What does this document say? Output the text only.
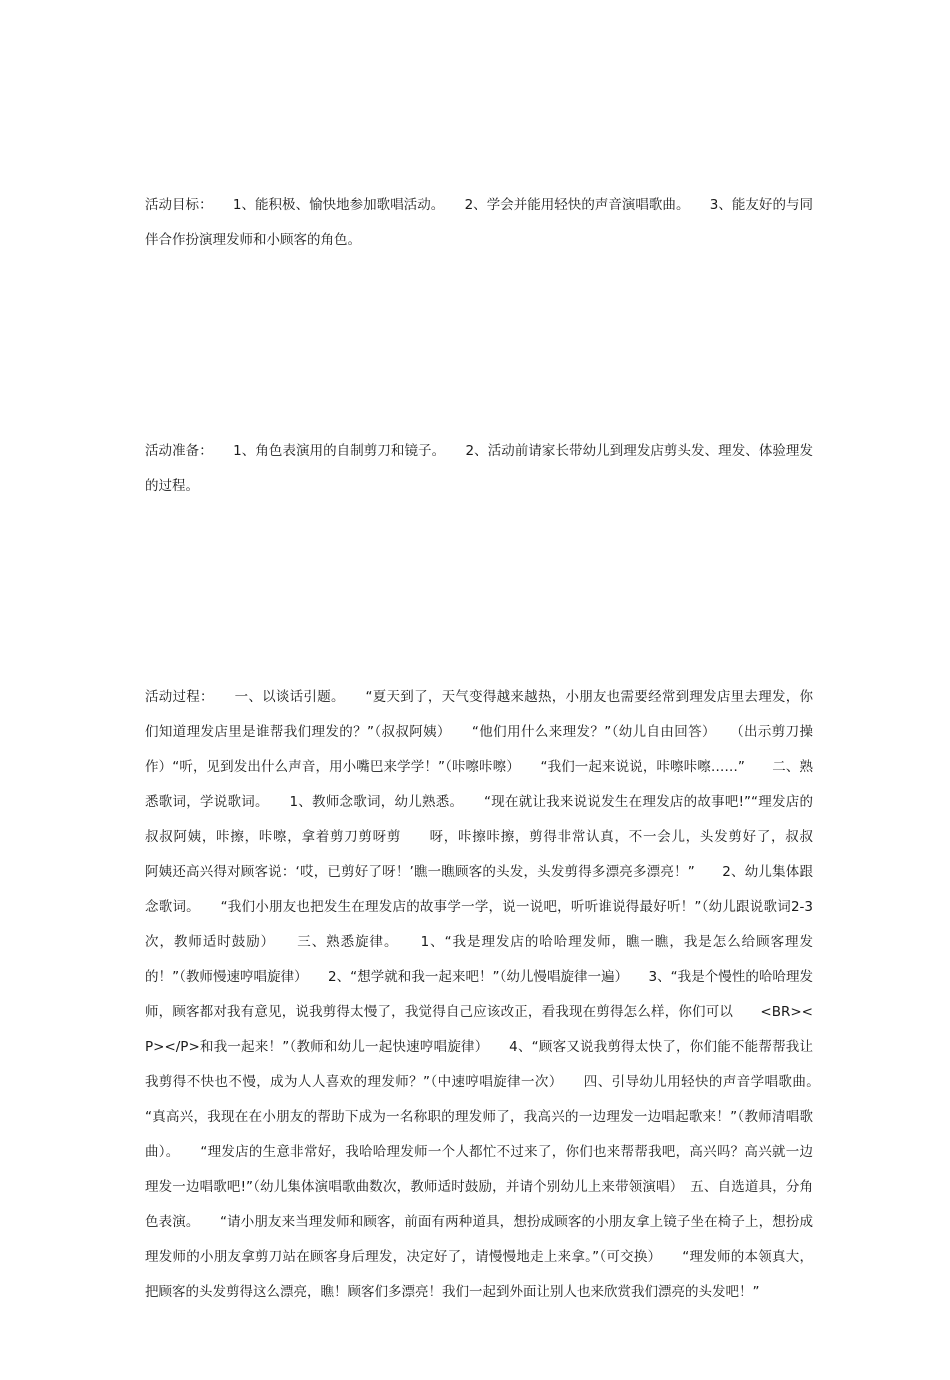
活动目标：　　1、能积极、愉快地参加歌唱活动。　　2、学会并能用轻快的声音演唱歌曲。　　3、能友好的与同伴合作扮演理发师和小顾客的角色。

活动准备：　　1、角色表演用的自制剪刀和镜子。　　2、活动前请家长带幼儿到理发店剪头发、理发、体验理发的过程。

活动过程：　　一、以谈话引题。　　“夏天到了，天气变得越来越热，小朋友也需要经常到理发店里去理发，你们知道理发店里是谁帮我们理发的？”（叔叔阿姨）　　“他们用什么来理发？”（幼儿自由回答）　　（出示剪刀操作）“听，见到发出什么声音，用小嘴巴来学学！”（咔嚓咔嚓）　　“我们一起来说说，咔嚓咔嚓……”　　二、熟悉歌词，学说歌词。　　1、教师念歌词，幼儿熟悉。　　“现在就让我来说说发生在理发店的故事吧!”“理发店的叔叔阿姨，咔擦，咔嚓，拿着剪刀剪呀剪　　呀，咔擦咔擦，剪得非常认真，不一会儿，头发剪好了，叔叔　　阿姨还高兴得对顾客说：‘哎，已剪好了呀！’瞧一瞧顾客的头发，头发剪得多漂亮多漂亮！”　　2、幼儿集体跟念歌词。　　“我们小朋友也把发生在理发店的故事学一学，说一说吧，听听谁说得最好听！”（幼儿跟说歌词2-3次，教师适时鼓励）　　三、熟悉旋律。　　1、“我是理发店的哈哈理发师，瞧一瞧，我是怎么给顾客理发的！”（教师慢速哼唱旋律）　　2、“想学就和我一起来吧！”（幼儿慢唱旋律一遍）　　3、“我是个慢性的哈哈理发师，顾客都对我有意见，说我剪得太慢了，我觉得自己应该改正，看我现在剪得怎么样，你们可以　　<BR><P></P>和我一起来！”（教师和幼儿一起快速哼唱旋律）　　4、“顾客又说我剪得太快了，你们能不能帮帮我让我剪得不快也不慢，成为人人喜欢的理发师？”（中速哼唱旋律一次）　　四、引导幼儿用轻快的声音学唱歌曲。　　“真高兴，我现在在小朋友的帮助下成为一名称职的理发师了，我高兴的一边理发一边唱起歌来！”（教师清唱歌曲）。　　“理发店的生意非常好，我哈哈理发师一个人都忙不过来了，你们也来帮帮我吧，高兴吗？高兴就一边理发一边唱歌吧!”（幼儿集体演唱歌曲数次，教师适时鼓励，并请个别幼儿上来带领演唱）　五、自选道具，分角色表演。　　“请小朋友来当理发师和顾客，前面有两种道具，想扮成顾客的小朋友拿上镜子坐在椅子上，想扮成理发师的小朋友拿剪刀站在顾客身后理发，决定好了，请慢慢地走上来拿。”（可交换）　　“理发师的本领真大，把顾客的头发剪得这么漂亮，瞧！顾客们多漂亮！我们一起到外面让别人也来欣赏我们漂亮的头发吧！”
